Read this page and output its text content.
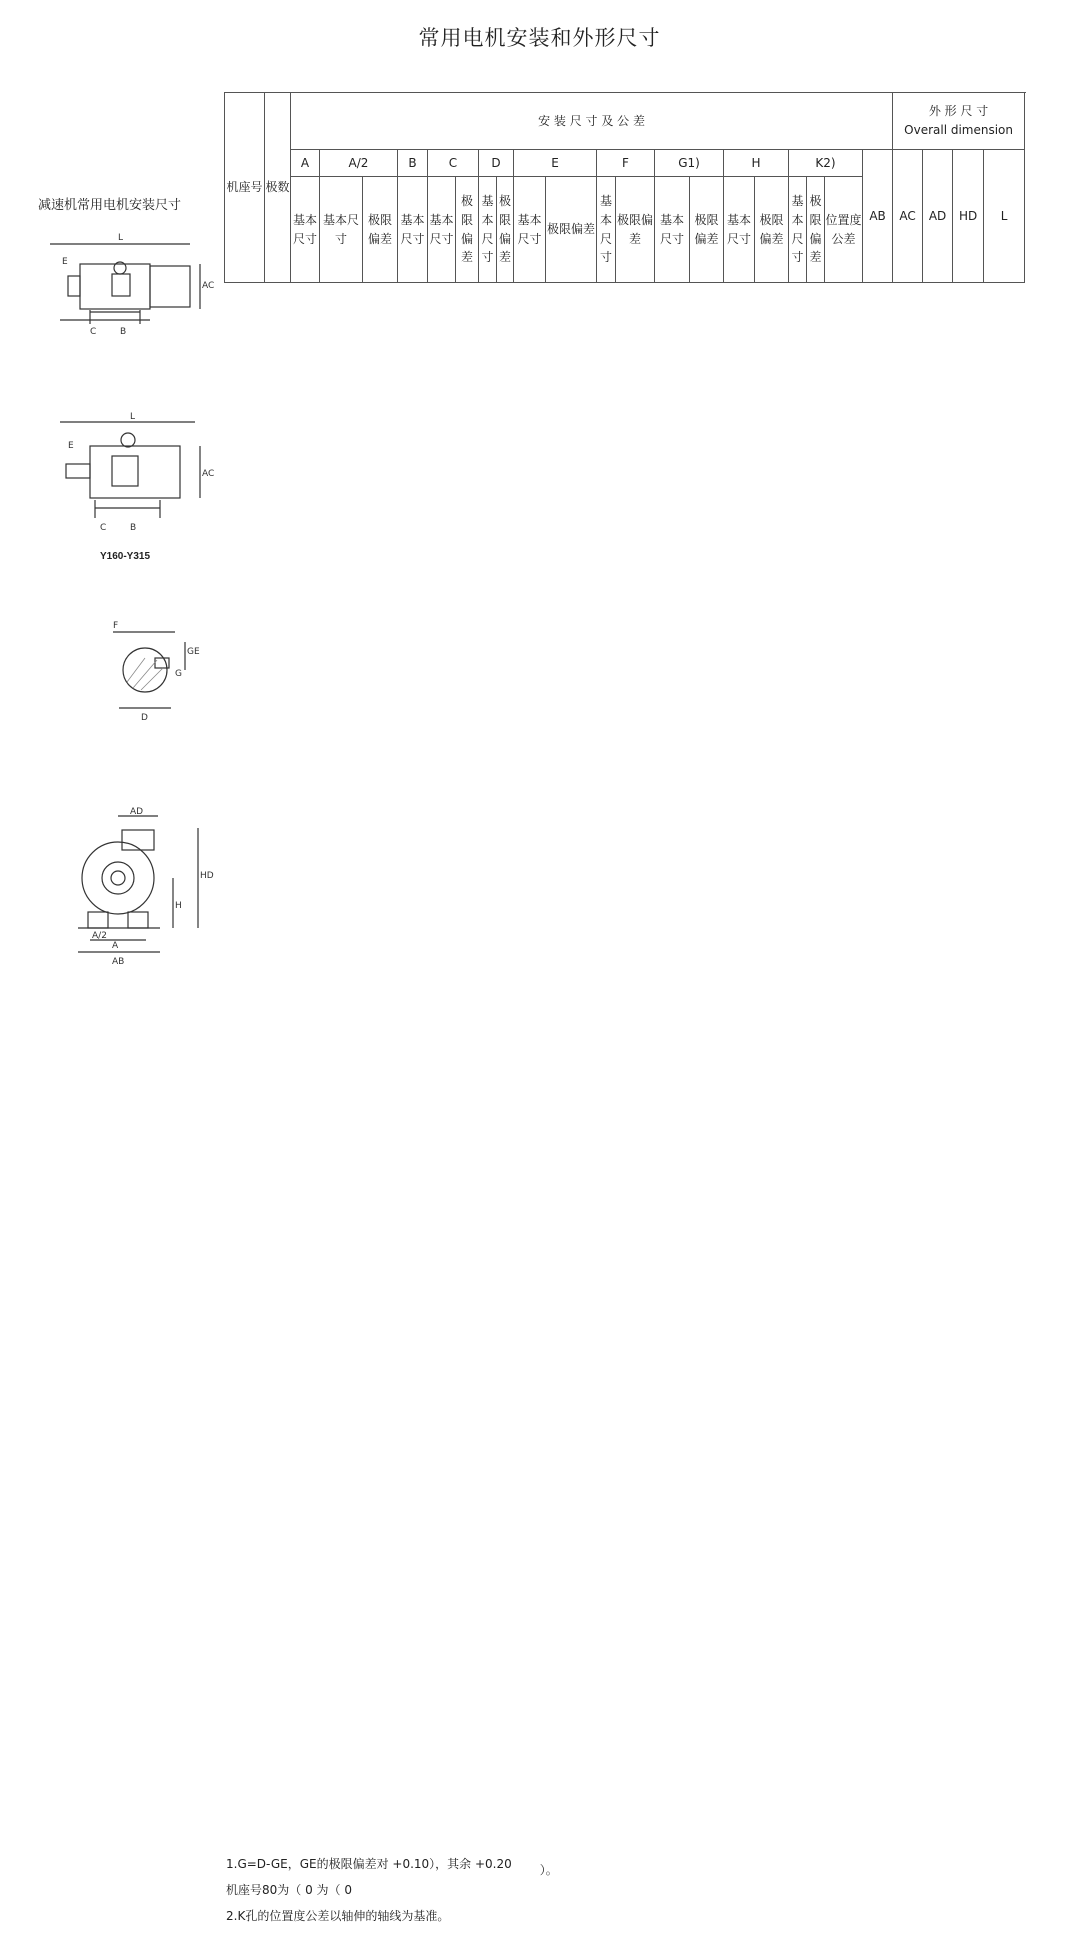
常用电机安装和外形尺寸
减速机常用电机安装尺寸
L
E
AC
C	B
L
E
AC
C	B
Y160-Y315
F
GE
G
D
AD
HD
H
A/2
A
AB
机座号	极数	安 装 尺 寸 及 公 差																				外 形 尺 寸
Overall dimension			

		A	A/2		B	C		D		E		F		G1)		H		K2)			AB	AC	AD	HD	L
		基本尺寸	基本尺寸	极限偏差	基本尺寸	基本尺寸	极限偏差	基本尺寸	极限偏差	基本尺寸	极限偏差	基本尺寸	极限偏差	基本尺寸	极限偏差	基本尺寸	极限偏差	基本尺寸	极限偏差	位置度公差					
1.G=D-GE，GE的极限偏差对 +0.10），其余 +0.20 ）。
机座号80为（ 0 为（ 0
2.K孔的位置度公差以轴伸的轴线为基准。
